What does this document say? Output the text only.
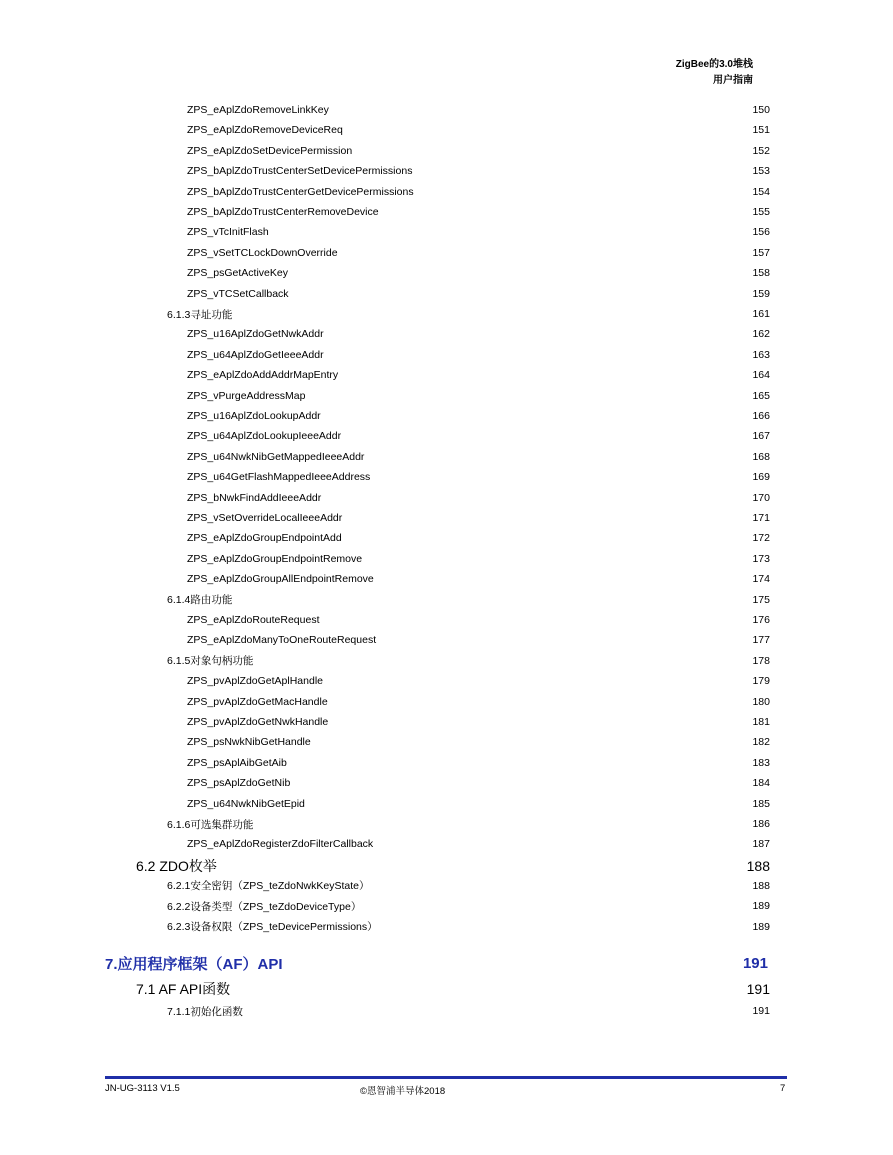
ZigBee的3.0堆栈
用户指南
ZPS_eAplZdoRemoveLinkKey	150
ZPS_eAplZdoRemoveDeviceReq	151
ZPS_eAplZdoSetDevicePermission	152
ZPS_bAplZdoTrustCenterSetDevicePermissions	153
ZPS_bAplZdoTrustCenterGetDevicePermissions	154
ZPS_bAplZdoTrustCenterRemoveDevice	155
ZPS_vTcInitFlash	156
ZPS_vSetTCLockDownOverride	157
ZPS_psGetActiveKey	158
ZPS_vTCSetCallback	159
6.1.3寻址功能	161
ZPS_u16AplZdoGetNwkAddr	162
ZPS_u64AplZdoGetIeeeAddr	163
ZPS_eAplZdoAddAddrMapEntry	164
ZPS_vPurgeAddressMap	165
ZPS_u16AplZdoLookupAddr	166
ZPS_u64AplZdoLookupIeeeAddr	167
ZPS_u64NwkNibGetMappedIeeeAddr	168
ZPS_u64GetFlashMappedIeeeAddress	169
ZPS_bNwkFindAddIeeeAddr	170
ZPS_vSetOverrideLocalIeeeAddr	171
ZPS_eAplZdoGroupEndpointAdd	172
ZPS_eAplZdoGroupEndpointRemove	173
ZPS_eAplZdoGroupAllEndpointRemove	174
6.1.4路由功能	175
ZPS_eAplZdoRouteRequest	176
ZPS_eAplZdoManyToOneRouteRequest	177
6.1.5对象句柄功能	178
ZPS_pvAplZdoGetAplHandle	179
ZPS_pvAplZdoGetMacHandle	180
ZPS_pvAplZdoGetNwkHandle	181
ZPS_psNwkNibGetHandle	182
ZPS_psAplAibGetAib	183
ZPS_psAplZdoGetNib	184
ZPS_u64NwkNibGetEpid	185
6.1.6可选集群功能	186
ZPS_eAplZdoRegisterZdoFilterCallback	187
6.2 ZDO枚举	188
6.2.1安全密钥（ZPS_teZdoNwkKeyState）	188
6.2.2设备类型（ZPS_teZdoDeviceType）	189
6.2.3设备权限（ZPS_teDevicePermissions）	189
7.应用程序框架（AF）API	191
7.1 AF API函数	191
7.1.1初始化函数	191
JN-UG-3113 V1.5	©恩智浦半导体2018	7
